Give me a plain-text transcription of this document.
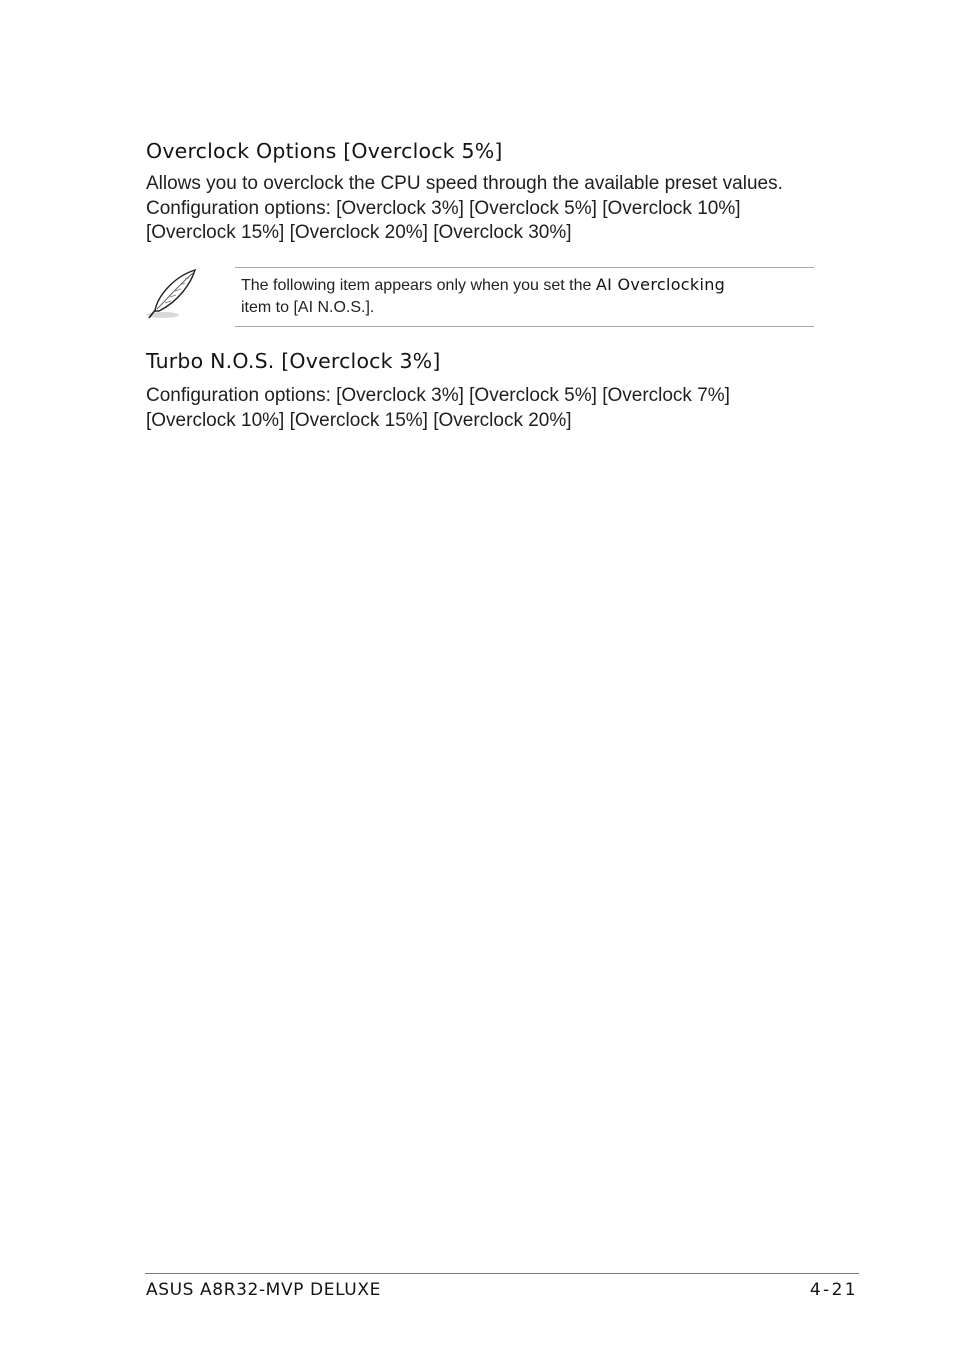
Overclock Options [Overclock 5%]

Allows you to overclock the CPU speed through the available preset values.
Configuration options: [Overclock 3%] [Overclock 5%] [Overclock 10%]
[Overclock 15%] [Overclock 20%] [Overclock 30%]

The following item appears only when you set the AI Overclocking
item to [AI N.O.S.].

Turbo N.O.S. [Overclock 3%]

Configuration options: [Overclock 3%] [Overclock 5%] [Overclock 7%]
[Overclock 10%] [Overclock 15%] [Overclock 20%]

ASUS A8R32-MVP DELUXE	4-21
